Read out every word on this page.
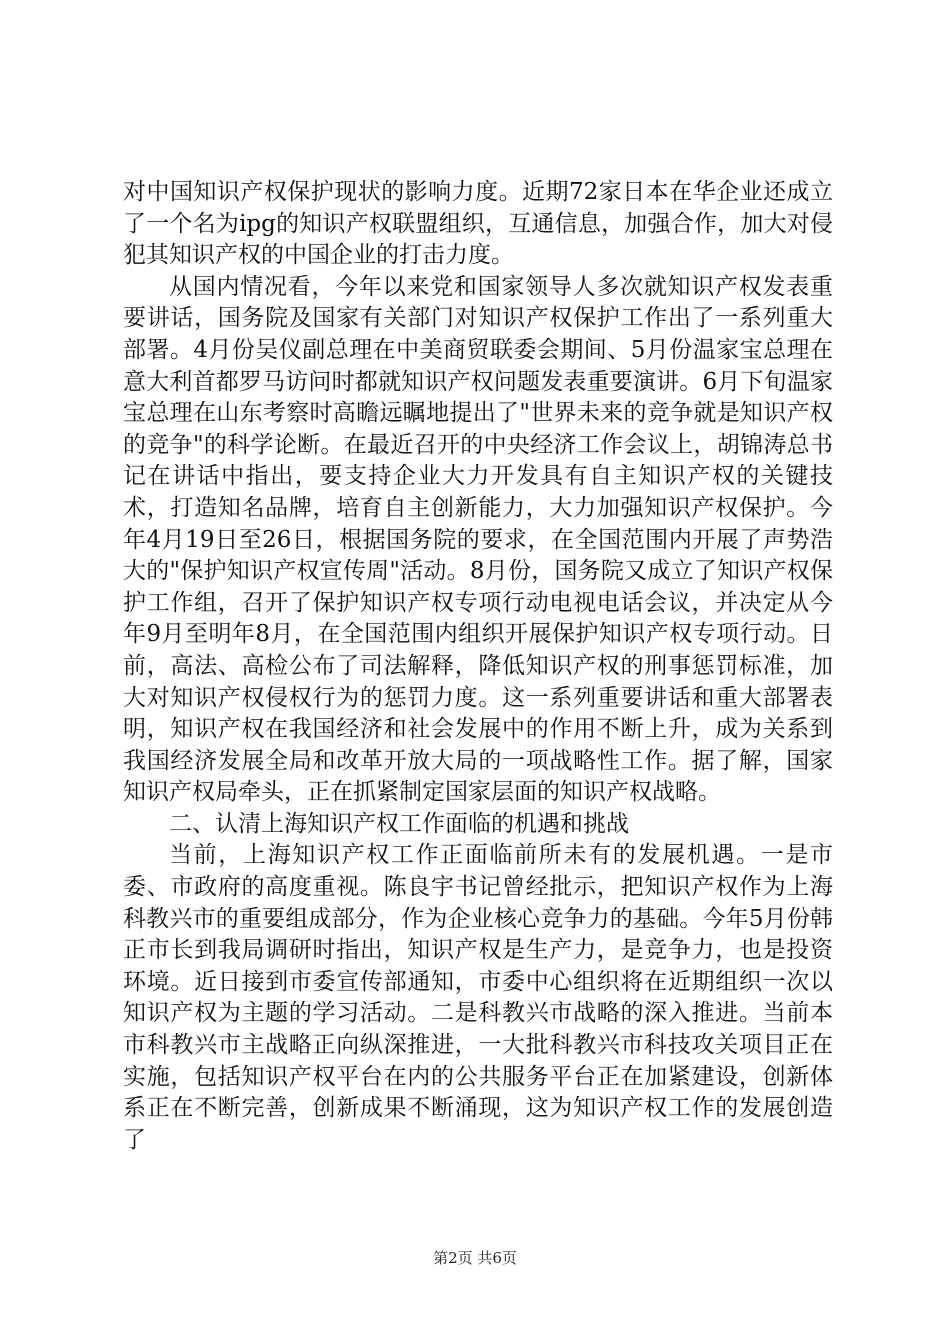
对中国知识产权保护现状的影响力度。近期72家日本在华企业还成立了一个名为ipg的知识产权联盟组织，互通信息，加强合作，加大对侵犯其知识产权的中国企业的打击力度。

从国内情况看，今年以来党和国家领导人多次就知识产权发表重要讲话，国务院及国家有关部门对知识产权保护工作出了一系列重大部署。4月份吴仪副总理在中美商贸联委会期间、5月份温家宝总理在意大利首都罗马访问时都就知识产权问题发表重要演讲。6月下旬温家宝总理在山东考察时高瞻远瞩地提出了"世界未来的竞争就是知识产权的竞争"的科学论断。在最近召开的中央经济工作会议上，胡锦涛总书记在讲话中指出，要支持企业大力开发具有自主知识产权的关键技术，打造知名品牌，培育自主创新能力，大力加强知识产权保护。今年4月19日至26日，根据国务院的要求，在全国范围内开展了声势浩大的"保护知识产权宣传周"活动。8月份，国务院又成立了知识产权保护工作组，召开了保护知识产权专项行动电视电话会议，并决定从今年9月至明年8月，在全国范围内组织开展保护知识产权专项行动。日前，高法、高检公布了司法解释，降低知识产权的刑事惩罚标准，加大对知识产权侵权行为的惩罚力度。这一系列重要讲话和重大部署表明，知识产权在我国经济和社会发展中的作用不断上升，成为关系到我国经济发展全局和改革开放大局的一项战略性工作。据了解，国家知识产权局牵头，正在抓紧制定国家层面的知识产权战略。

二、认清上海知识产权工作面临的机遇和挑战

当前，上海知识产权工作正面临前所未有的发展机遇。一是市委、市政府的高度重视。陈良宇书记曾经批示，把知识产权作为上海科教兴市的重要组成部分，作为企业核心竞争力的基础。今年5月份韩正市长到我局调研时指出，知识产权是生产力，是竞争力，也是投资环境。近日接到市委宣传部通知，市委中心组织将在近期组织一次以知识产权为主题的学习活动。二是科教兴市战略的深入推进。当前本市科教兴市主战略正向纵深推进，一大批科教兴市科技攻关项目正在实施，包括知识产权平台在内的公共服务平台正在加紧建设，创新体系正在不断完善，创新成果不断涌现，这为知识产权工作的发展创造了

第2页 共6页
